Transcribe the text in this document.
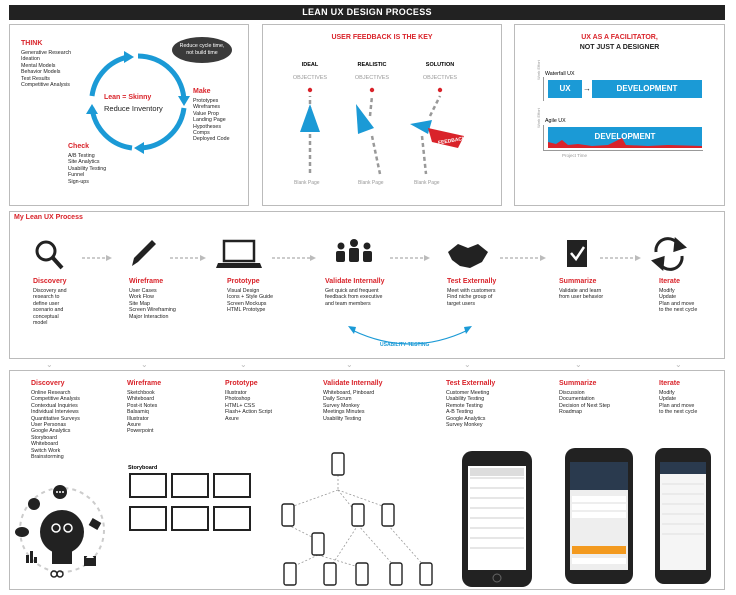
LEAN UX DESIGN PROCESS
THINK
Generative Research
Ideation
Mental Models
Behavior Models
Test Results
Competitive Analysis
Reduce cycle time,
not build time
Lean = Skinny
Reduce Inventory
Make
Prototypes
Wireframes
Value Prop
Landing Page
Hypotheses
Comps
Deployed Code
Check
A/B Testing
Site Analytics
Usability Testing
Funnel
Sign-ups
USER FEEDBACK IS THE KEY
IDEAL	REALISTIC	SOLUTION
OBJECTIVES	OBJECTIVES	OBJECTIVES
FEEDBACK
Blank Page	Blank Page	Blank Page
UX AS A FACILITATOR,
NOT JUST A DESIGNER
Waterfall UX
Work Effort
UX	→	DEVELOPMENT
Agile UX
Work Effort
DEVELOPMENT
Project Time
My Lean UX Process
Discovery
Discovery and
research to
define user
scenario and
conceptual
model
Wireframe
User Cases
Work Flow
Site Map
Screen Wireframing
Major Interaction
Prototype
Visual Design
Icons + Style Guide
Screen Mockups
HTML Prototype
Validate Internally
Get quick and frequent
feedback from executive
and team members
Test Externally
Meet with customers
Find niche group of
target users
Summarize
Validate and learn
from user behavior
Iterate
Modify
Update
Plan and move
to the next cycle
USABILITY TESTING
⌄	⌄	⌄	⌄	⌄	⌄	⌄
Discovery
Online Research
Competitive Analysis
Contextual Inquiries
Individual Interviews
Quantitative Surveys
User Personas
Google Analytics
Storyboard
Whiteboard
Switch Work
Brainstorming
Wireframe
Sketchbook
Whiteboard
Post-it Notes
Balsamiq
Illustrator
Axure
Powerpoint
Prototype
Illustrator
Photoshop
HTML+ CSS
Flash+ Action Script
Axure
Validate Internally
Whiteboard, Pinboard
Daily Scrum
Survey Monkey
Meetings Minutes
Usability Testing
Test Externally
Customer Meeting
Usability Testing
Remote Testing
A-B Testing
Google Analytics
Survey Monkey
Summarize
Discussion
Documentation
Decision of Next Step
Roadmap
Iterate
Modify
Update
Plan and move
to the next cycle
Storyboard
